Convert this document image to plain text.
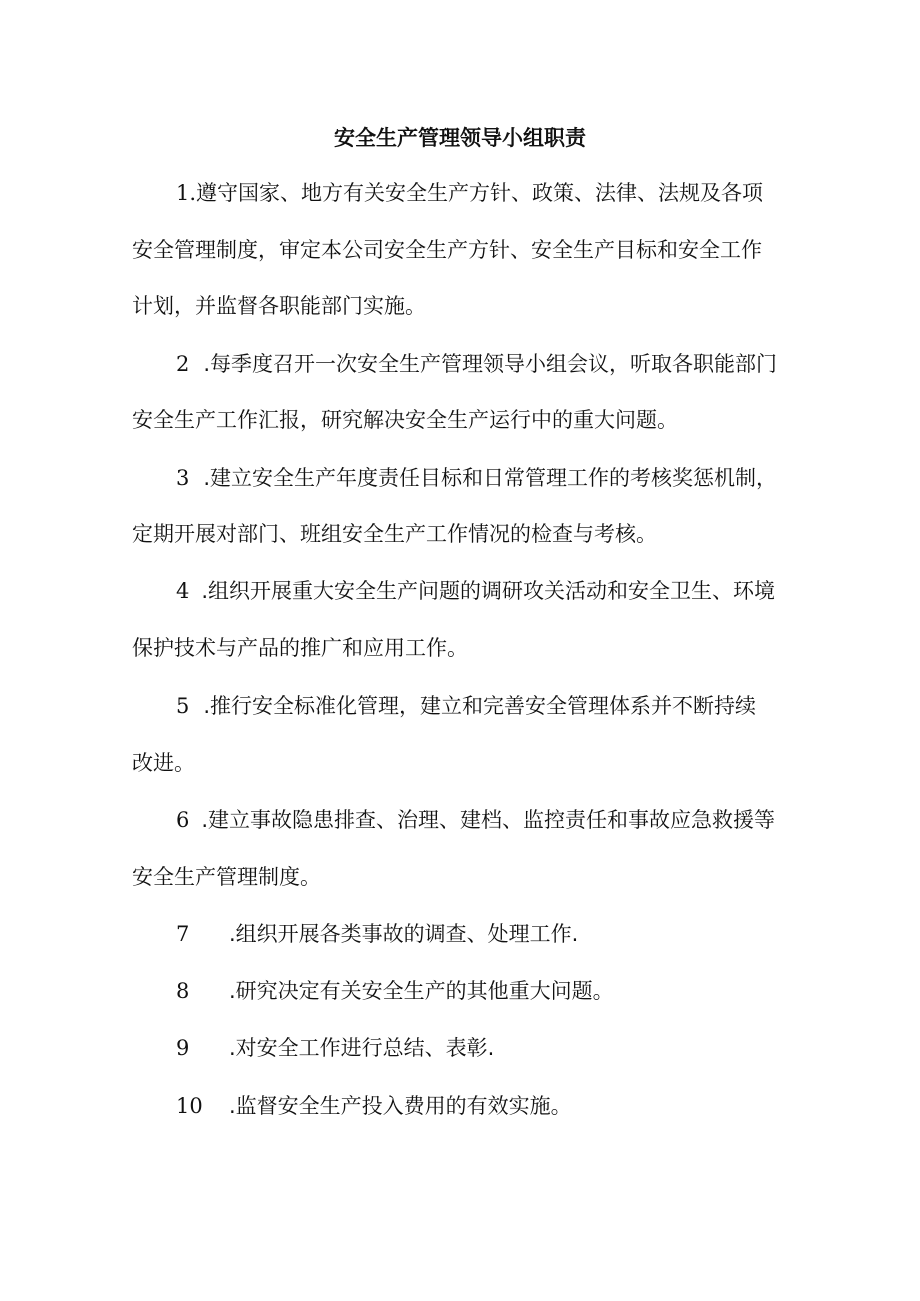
安全生产管理领导小组职责
1.遵守国家、地方有关安全生产方针、政策、法律、法规及各项
安全管理制度，审定本公司安全生产方针、安全生产目标和安全工作
计划，并监督各职能部门实施。
2 .每季度召开一次安全生产管理领导小组会议，听取各职能部门
安全生产工作汇报，研究解决安全生产运行中的重大问题。
3 .建立安全生产年度责任目标和日常管理工作的考核奖惩机制，
定期开展对部门、班组安全生产工作情况的检查与考核。
4 .组织开展重大安全生产问题的调研攻关活动和安全卫生、环境
保护技术与产品的推广和应用工作。
5 .推行安全标准化管理，建立和完善安全管理体系并不断持续
改进。
6 .建立事故隐患排查、治理、建档、监控责任和事故应急救援等
安全生产管理制度。
7 .组织开展各类事故的调查、处理工作.
8 .研究决定有关安全生产的其他重大问题。
9 .对安全工作进行总结、表彰.
10 .监督安全生产投入费用的有效实施。
